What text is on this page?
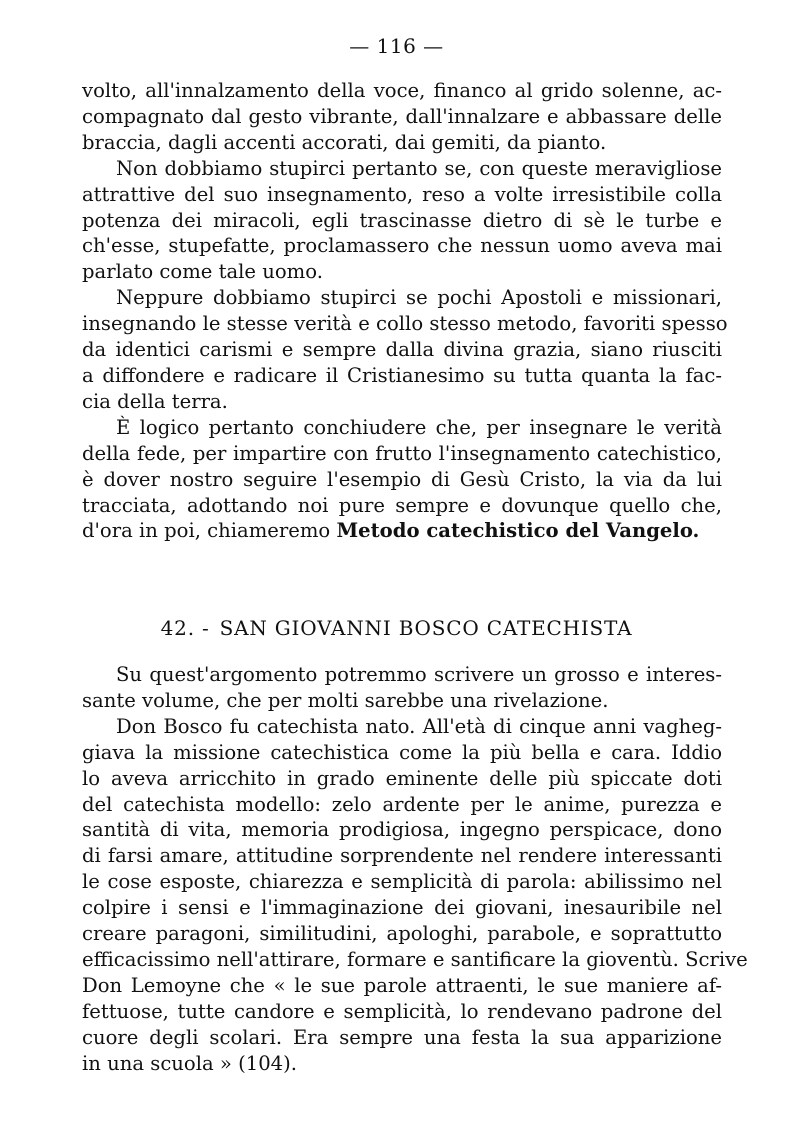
— 116 —
volto, all'innalzamento della voce, financo al grido solenne, ac-
compagnato dal gesto vibrante, dall'innalzare e abbassare delle
braccia, dagli accenti accorati, dai gemiti, da pianto.
Non dobbiamo stupirci pertanto se, con queste meravigliose
attrattive del suo insegnamento, reso a volte irresistibile colla
potenza dei miracoli, egli trascinasse dietro di sè le turbe e
ch'esse, stupefatte, proclamassero che nessun uomo aveva mai
parlato come tale uomo.
Neppure dobbiamo stupirci se pochi Apostoli e missionari,
insegnando le stesse verità e collo stesso metodo, favoriti spesso
da identici carismi e sempre dalla divina grazia, siano riusciti
a diffondere e radicare il Cristianesimo su tutta quanta la fac-
cia della terra.
È logico pertanto conchiudere che, per insegnare le verità
della fede, per impartire con frutto l'insegnamento catechistico,
è dover nostro seguire l'esempio di Gesù Cristo, la via da lui
tracciata, adottando noi pure sempre e dovunque quello che,
d'ora in poi, chiameremo Metodo catechistico del Vangelo.
42. - SAN GIOVANNI BOSCO CATECHISTA
Su quest'argomento potremmo scrivere un grosso e interes-
sante volume, che per molti sarebbe una rivelazione.
Don Bosco fu catechista nato. All'età di cinque anni vagheg-
giava la missione catechistica come la più bella e cara. Iddio
lo aveva arricchito in grado eminente delle più spiccate doti
del catechista modello: zelo ardente per le anime, purezza e
santità di vita, memoria prodigiosa, ingegno perspicace, dono
di farsi amare, attitudine sorprendente nel rendere interessanti
le cose esposte, chiarezza e semplicità di parola: abilissimo nel
colpire i sensi e l'immaginazione dei giovani, inesauribile nel
creare paragoni, similitudini, apologhi, parabole, e soprattutto
efficacissimo nell'attirare, formare e santificare la gioventù. Scrive
Don Lemoyne che « le sue parole attraenti, le sue maniere af-
fettuose, tutte candore e semplicità, lo rendevano padrone del
cuore degli scolari. Era sempre una festa la sua apparizione
in una scuola » (104).
